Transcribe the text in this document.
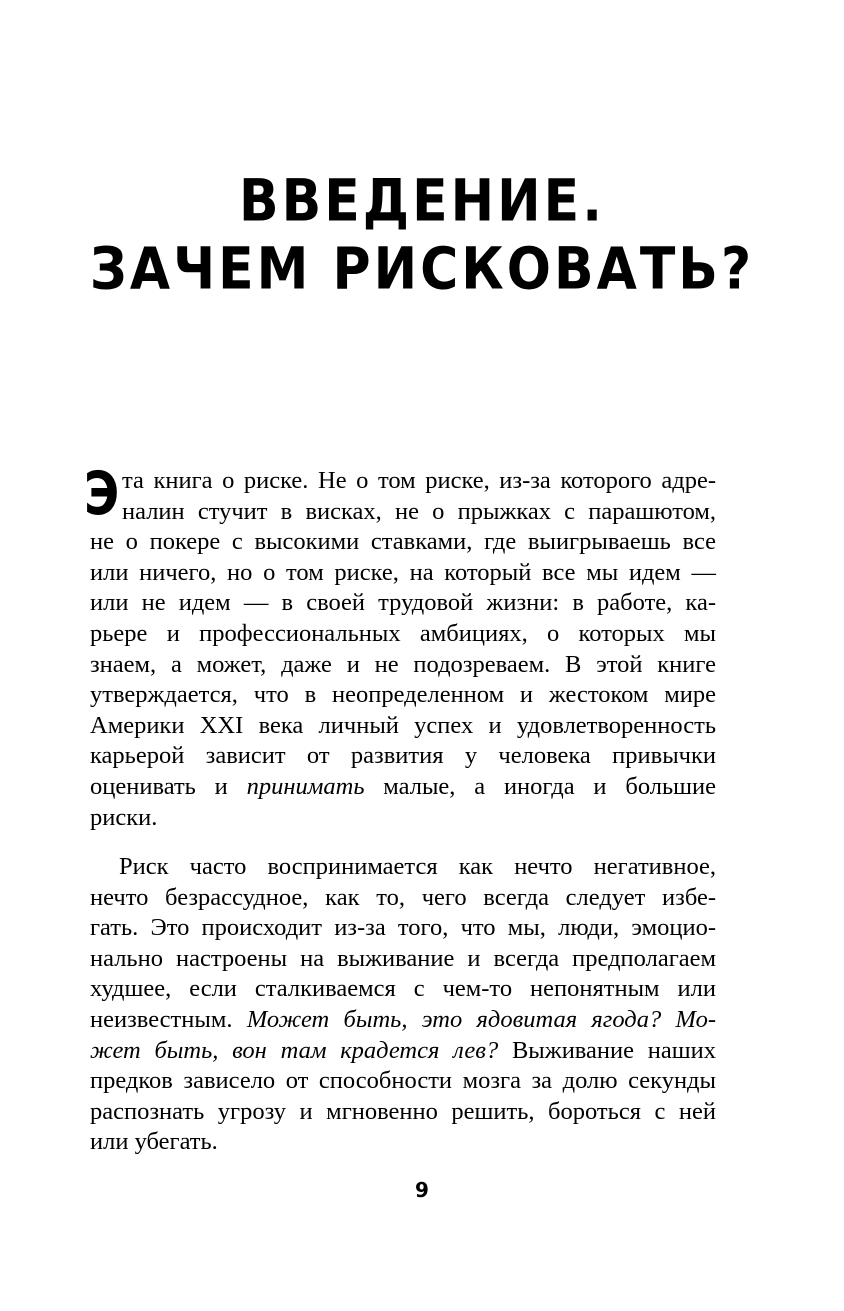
ВВЕДЕНИЕ.
ЗАЧЕМ РИСКОВАТЬ?
Э та книга о риске. Не о том риске, из-за которого адре-
налин стучит в висках, не о прыжках с парашютом,
не о покере с высокими ставками, где выигрываешь все
или ничего, но о том риске, на который все мы идем —
или не идем — в своей трудовой жизни: в работе, ка-
рьере и профессиональных амбициях, о которых мы
знаем, а может, даже и не подозреваем. В этой книге
утверждается, что в неопределенном и жестоком мире
Америки XXI века личный успех и удовлетворенность
карьерой зависит от развития у человека привычки
оценивать и принимать малые, а иногда и большие
риски.
Риск часто воспринимается как нечто негативное,
нечто безрассудное, как то, чего всегда следует избе-
гать. Это происходит из-за того, что мы, люди, эмоцио-
нально настроены на выживание и всегда предполагаем
худшее, если сталкиваемся с чем-то непонятным или
неизвестным. Может быть, это ядовитая ягода? Мо-
жет быть, вон там крадется лев? Выживание наших
предков зависело от способности мозга за долю секунды
распознать угрозу и мгновенно решить, бороться с ней
или убегать.
9
